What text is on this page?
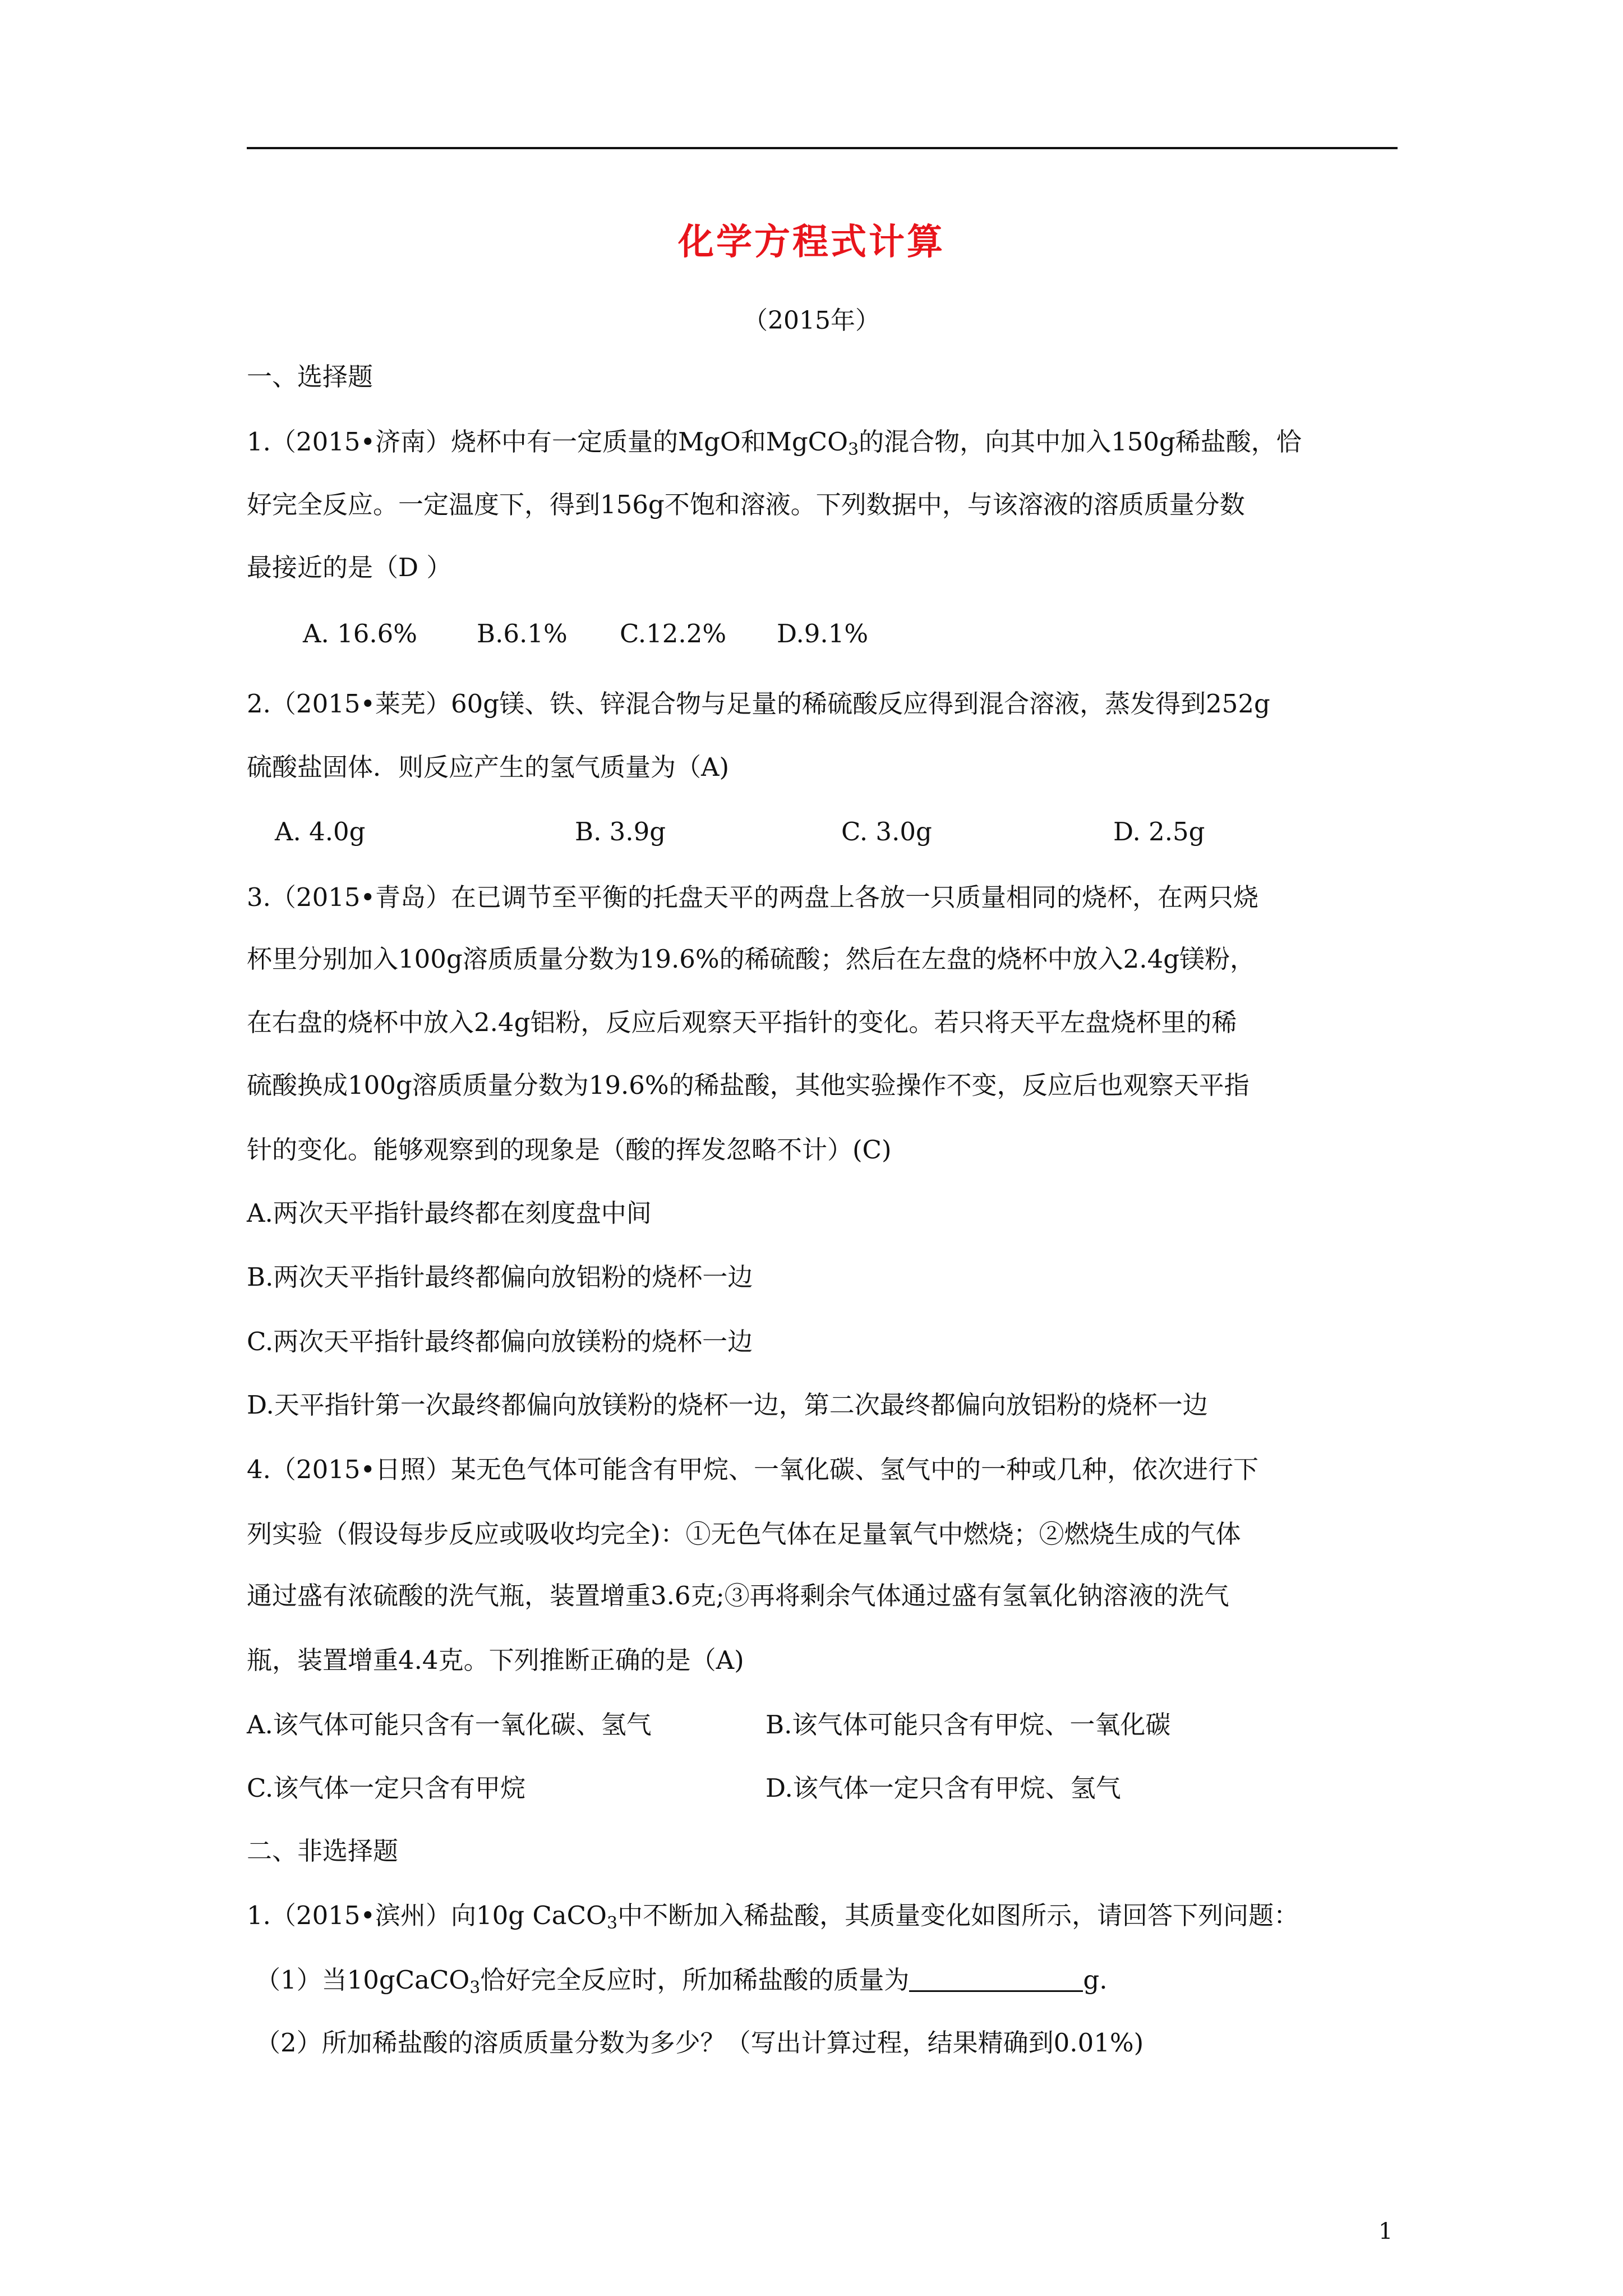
化学方程式计算
（2015年）
一、选择题
1.（2015•济南）烧杯中有一定质量的MgO和MgCO$_3$的混合物，向其中加入150g稀盐酸，恰
好完全反应。一定温度下，得到156g不饱和溶液。下列数据中，与该溶液的溶质质量分数
最接近的是（D ）
A. 16.6% B.6.1% C.12.2% D.9.1%
2.（2015•莱芜）60g镁、铁、锌混合物与足量的稀硫酸反应得到混合溶液，蒸发得到252g
硫酸盐固体．则反应产生的氢气质量为（A)
A. 4.0g	B. 3.9g	C. 3.0g	D. 2.5g
3.（2015•青岛）在已调节至平衡的托盘天平的两盘上各放一只质量相同的烧杯，在两只烧
杯里分别加入100g溶质质量分数为19.6%的稀硫酸；然后在左盘的烧杯中放入2.4g镁粉，
在右盘的烧杯中放入2.4g铝粉，反应后观察天平指针的变化。若只将天平左盘烧杯里的稀
硫酸换成100g溶质质量分数为19.6%的稀盐酸，其他实验操作不变，反应后也观察天平指
针的变化。能够观察到的现象是（酸的挥发忽略不计）(C)
A.两次天平指针最终都在刻度盘中间
B.两次天平指针最终都偏向放铝粉的烧杯一边
C.两次天平指针最终都偏向放镁粉的烧杯一边
D.天平指针第一次最终都偏向放镁粉的烧杯一边，第二次最终都偏向放铝粉的烧杯一边
4.（2015•日照）某无色气体可能含有甲烷、一氧化碳、氢气中的一种或几种，依次进行下
列实验（假设每步反应或吸收均完全)：①无色气体在足量氧气中燃烧；②燃烧生成的气体
通过盛有浓硫酸的洗气瓶，装置增重3.6克;③再将剩余气体通过盛有氢氧化钠溶液的洗气
瓶，装置增重4.4克。下列推断正确的是（A)
A.该气体可能只含有一氧化碳、氢气	B.该气体可能只含有甲烷、一氧化碳
C.该气体一定只含有甲烷	D.该气体一定只含有甲烷、氢气
二、非选择题
1.（2015•滨州）向10g CaCO$_3$中不断加入稀盐酸，其质量变化如图所示，请回答下列问题：
（1）当10gCaCO$_3$恰好完全反应时，所加稀盐酸的质量为	g.
（2）所加稀盐酸的溶质质量分数为多少？（写出计算过程，结果精确到0.01%)
1
